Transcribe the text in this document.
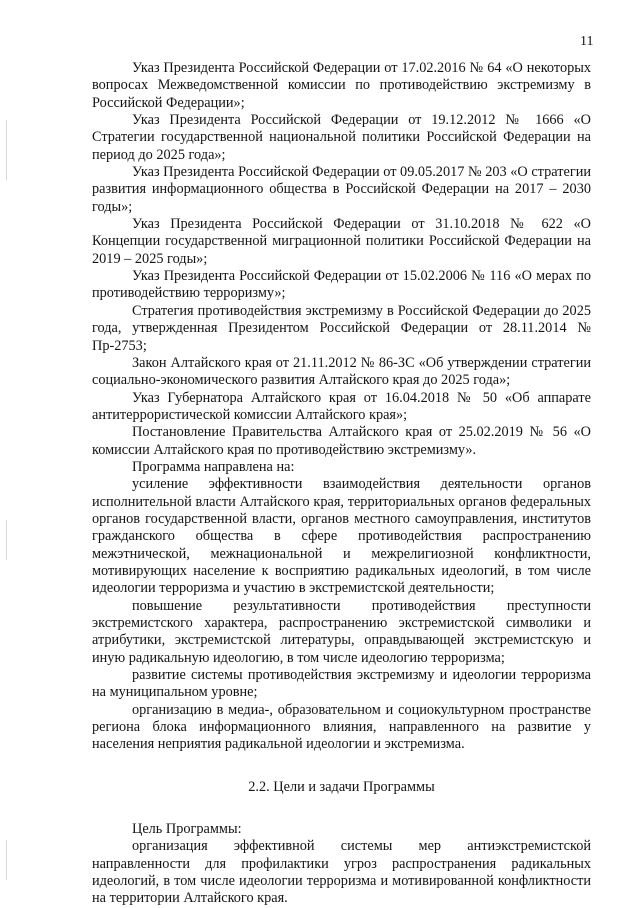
11

Указ Президента Российской Федерации от 17.02.2016 № 64 «О некоторых вопросах Межведомственной комиссии по противодействию экстремизму в Российской Федерации»;

Указ Президента Российской Федерации от 19.12.2012 № 1666 «О Стратегии государственной национальной политики Российской Федерации на период до 2025 года»;

Указ Президента Российской Федерации от 09.05.2017 № 203 «О стратегии развития информационного общества в Российской Федерации на 2017 – 2030 годы»;

Указ Президента Российской Федерации от 31.10.2018 № 622 «О Концепции государственной миграционной политики Российской Федерации на 2019 – 2025 годы»;

Указ Президента Российской Федерации от 15.02.2006 № 116 «О мерах по противодействию терроризму»;

Стратегия противодействия экстремизму в Российской Федерации до 2025 года, утвержденная Президентом Российской Федерации от 28.11.2014 № Пр-2753;

Закон Алтайского края от 21.11.2012 № 86-ЗС «Об утверждении стратегии социально-экономического развития Алтайского края до 2025 года»;

Указ Губернатора Алтайского края от 16.04.2018 № 50 «Об аппарате антитеррористической комиссии Алтайского края»;

Постановление Правительства Алтайского края от 25.02.2019 № 56 «О комиссии Алтайского края по противодействию экстремизму».

Программа направлена на:

усиление эффективности взаимодействия деятельности органов исполнительной власти Алтайского края, территориальных органов федеральных органов государственной власти, органов местного самоуправления, институтов гражданского общества в сфере противодействия распространению межэтнической, межнациональной и межрелигиозной конфликтности, мотивирующих население к восприятию радикальных идеологий, в том числе идеологии терроризма и участию в экстремистской деятельности;

повышение результативности противодействия преступности экстремистского характера, распространению экстремистской символики и атрибутики, экстремистской литературы, оправдывающей экстремистскую и иную радикальную идеологию, в том числе идеологию терроризма;

развитие системы противодействия экстремизму и идеологии терроризма на муниципальном уровне;

организацию в медиа-, образовательном и социокультурном пространстве региона блока информационного влияния, направленного на развитие у населения неприятия радикальной идеологии и экстремизма.

2.2. Цели и задачи Программы

Цель Программы:

организация эффективной системы мер антиэкстремистской направленности для профилактики угроз распространения радикальных идеологий, в том числе идеологии терроризма и мотивированной конфликтности на территории Алтайского края.
